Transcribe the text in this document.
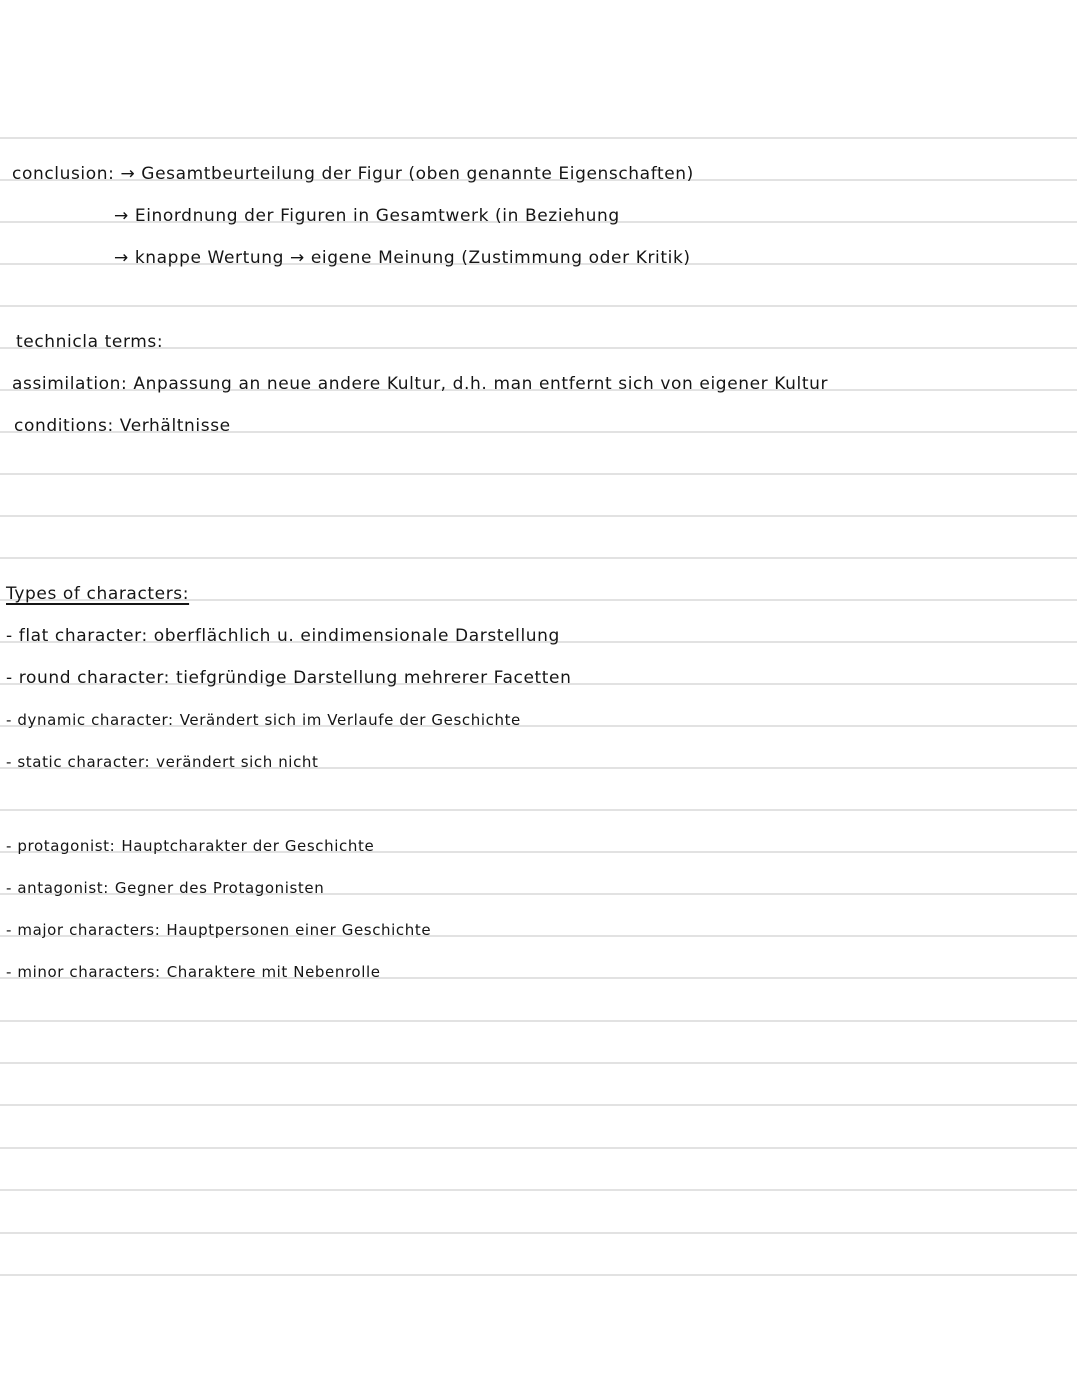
conclusion: → Gesamtbeurteilung der Figur (oben genannte Eigenschaften)
→ Einordnung der Figuren in Gesamtwerk (in Beziehung
→ knappe Wertung → eigene Meinung (Zustimmung oder Kritik)
technicla terms:
assimilation: Anpassung an neue andere Kultur, d.h. man entfernt sich von eigener Kultur
conditions: Verhältnisse
Types of characters:
- flat character: oberflächlich u. eindimensionale Darstellung
- round character: tiefgründige Darstellung mehrerer Facetten
- dynamic character: Verändert sich im Verlaufe der Geschichte
- static character: verändert sich nicht
- protagonist: Hauptcharakter der Geschichte
- antagonist: Gegner des Protagonisten
- major characters: Hauptpersonen einer Geschichte
- minor characters: Charaktere mit Nebenrolle
